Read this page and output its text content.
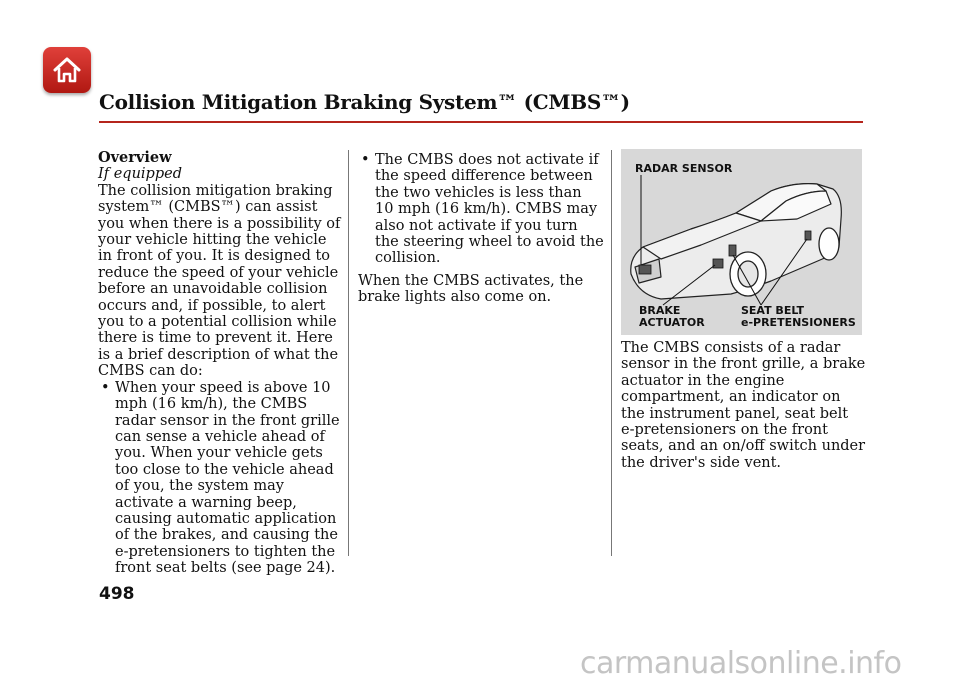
Collision Mitigation Braking System™ (CMBS™)

Overview

If equipped

The collision mitigation braking system™ (CMBS™) can assist you when there is a possibility of your vehicle hitting the vehicle in front of you. It is designed to reduce the speed of your vehicle before an unavoidable collision occurs and, if possible, to alert you to a potential collision while there is time to prevent it. Here is a brief description of what the CMBS can do:

• When your speed is above 10 mph (16 km/h), the CMBS radar sensor in the front grille can sense a vehicle ahead of you. When your vehicle gets too close to the vehicle ahead of you, the system may activate a warning beep, causing automatic application of the brakes, and causing the e-pretensioners to tighten the front seat belts (see page 24).

• The CMBS does not activate if the speed difference between the two vehicles is less than 10 mph (16 km/h). CMBS may also not activate if you turn the steering wheel to avoid the collision.

When the CMBS activates, the brake lights also come on.

RADAR SENSOR
BRAKE
ACTUATOR
SEAT BELT
e-PRETENSIONERS

The CMBS consists of a radar sensor in the front grille, a brake actuator in the engine compartment, an indicator on the instrument panel, seat belt e-pretensioners on the front seats, and an on/off switch under the driver's side vent.

498
carmanualsonline.info
